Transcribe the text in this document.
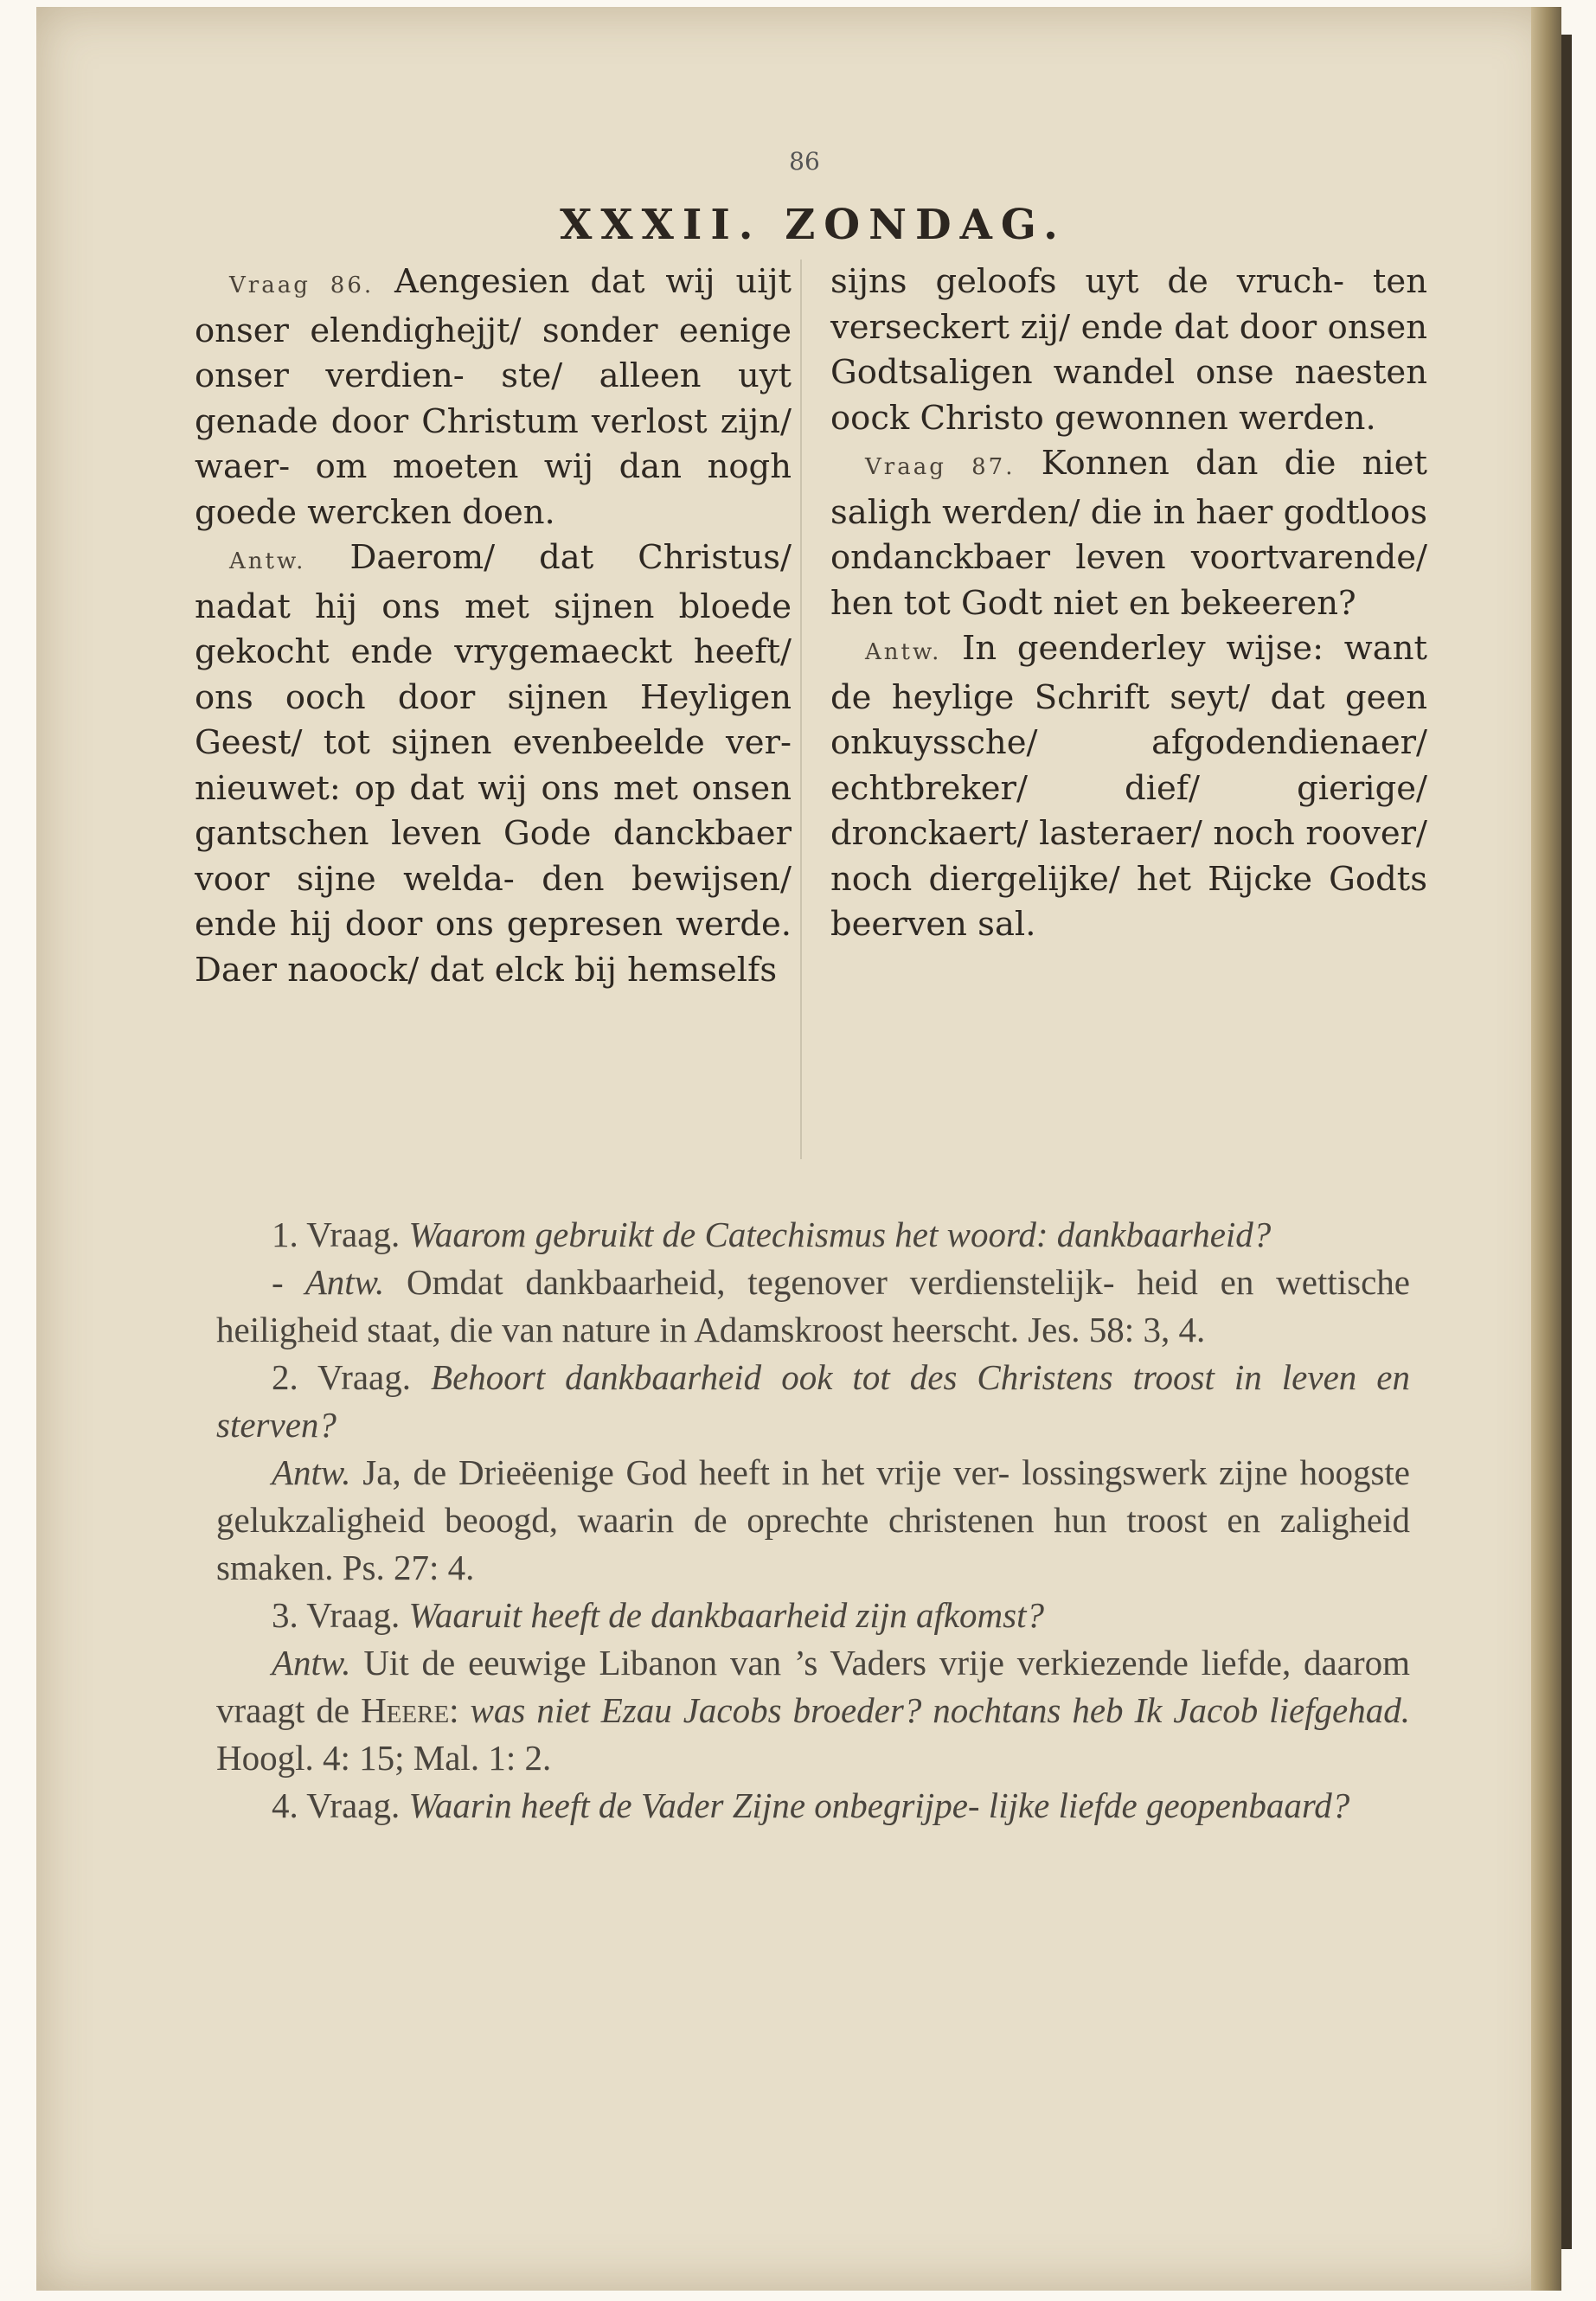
86
XXXII. ZONDAG.

Vraag 86. Aengesien dat wij uijt onser elendighejjt/ sonder eenige onser verdien- ste/ alleen uyt genade door Christum verlost zijn/ waer- om moeten wij dan nogh goede wercken doen.

Antw. Daerom/ dat Christus/ nadat hij ons met sijnen bloede gekocht ende vrygemaeckt heeft/ ons ooch door sijnen Heyligen Geest/ tot sijnen evenbeelde ver- nieuwet: op dat wij ons met onsen gantschen leven Gode danckbaer voor sijne welda- den bewijsen/ ende hij door ons gepresen werde. Daer naoock/ dat elck bij hemselfs

sijns geloofs uyt de vruch- ten verseckert zij/ ende dat door onsen Godtsaligen wandel onse naesten oock Christo gewonnen werden.

Vraag 87. Konnen dan die niet saligh werden/ die in haer godtloos ondanckbaer leven voortvarende/ hen tot Godt niet en bekeeren?

Antw. In geenderley wijse: want de heylige Schrift seyt/ dat geen onkuyssche/ afgodendienaer/ echtbreker/ dief/ gierige/ dronckaert/ lasteraer/ noch roover/ noch diergelijke/ het Rijcke Godts beerven sal.

1. Vraag. Waarom gebruikt de Catechismus het woord: dankbaarheid?

- Antw. Omdat dankbaarheid, tegenover verdienstelijk- heid en wettische heiligheid staat, die van nature in Adamskroost heerscht. Jes. 58: 3, 4.

2. Vraag. Behoort dankbaarheid ook tot des Christens troost in leven en sterven?

Antw. Ja, de Drieëenige God heeft in het vrije ver- lossingswerk zijne hoogste gelukzaligheid beoogd, waarin de oprechte christenen hun troost en zaligheid smaken. Ps. 27: 4.

3. Vraag. Waaruit heeft de dankbaarheid zijn afkomst?

Antw. Uit de eeuwige Libanon van ’s Vaders vrije verkiezende liefde, daarom vraagt de Heere: was niet Ezau Jacobs broeder? nochtans heb Ik Jacob liefgehad. Hoogl. 4: 15; Mal. 1: 2.

4. Vraag. Waarin heeft de Vader Zijne onbegrijpe- lijke liefde geopenbaard?
